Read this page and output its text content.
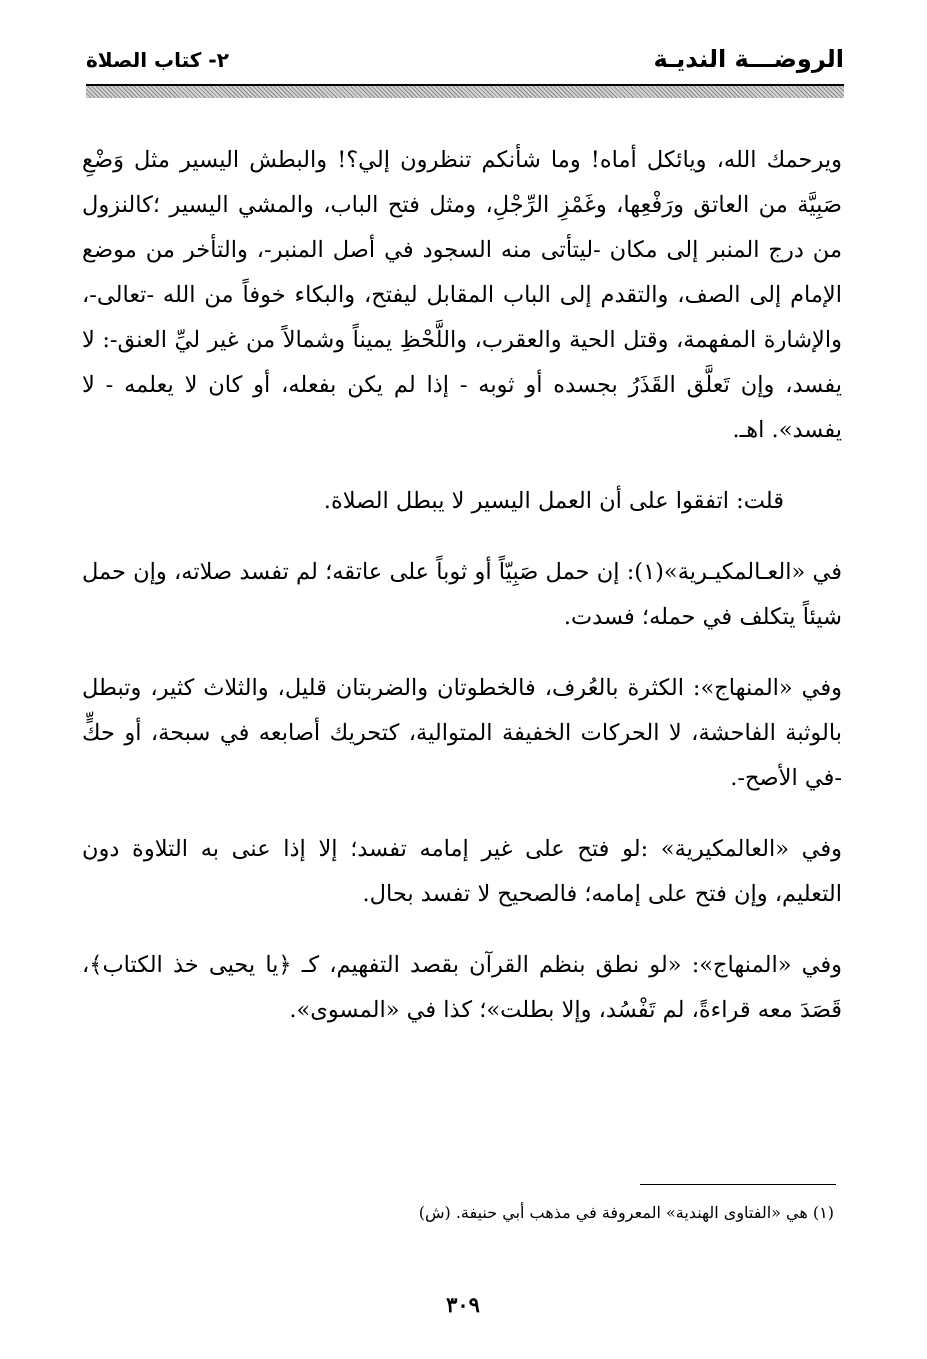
الروضـــة النديـة
٢- كتاب الصلاة

ويرحمك الله، ويائكل أماه! وما شأنكم تنظرون إلي؟! والبطش اليسير مثل وَضْعِ صَبِيَّة من العاتق ورَفْعِها، وغَمْزِ الرِّجْلِ، ومثل فتح الباب، والمشي اليسير ؛كالنزول من درج المنبر إلى مكان -ليتأتى منه السجود في أصل المنبر-، والتأخر من موضع الإمام إلى الصف، والتقدم إلى الباب المقابل ليفتح، والبكاء خوفاً من الله -تعالى-، والإشارة المفهمة، وقتل الحية والعقرب، واللَّحْظِ يميناً وشمالاً من غير ليِّ العنق-: لا يفسد، وإن تَعلَّق القَذَرُ بجسده أو ثوبه - إذا لم يكن بفعله، أو كان لا يعلمه - لا يفسد». اهـ.

قلت: اتفقوا على أن العمل اليسير لا يبطل الصلاة.

في «العـالمكيـرية»(١): إن حمل صَبِيّاً أو ثوباً على عاتقه؛ لم تفسد صلاته، وإن حمل شيئاً يتكلف في حمله؛ فسدت.

وفي «المنهاج»: الكثرة بالعُرف، فالخطوتان والضربتان قليل، والثلاث كثير، وتبطل بالوثبة الفاحشة، لا الحركات الخفيفة المتوالية، كتحريك أصابعه في سبحة، أو حكٍّ -في الأصح-.

وفي «العالمكيرية» :لو فتح على غير إمامه تفسد؛ إلا إذا عنى به التلاوة دون التعليم، وإن فتح على إمامه؛ فالصحيح لا تفسد بحال.

وفي «المنهاج»: «لو نطق بنظم القرآن بقصد التفهيم، كـ ﴿يا يحيى خذ الكتاب﴾، قَصَدَ معه قراءةً، لم تَفْسُد، وإلا بطلت»؛ كذا في «المسوى».

(١) هي «الفتاوى الهندية» المعروفة في مذهب أبي حنيفة. (ش)
٣٠٩
